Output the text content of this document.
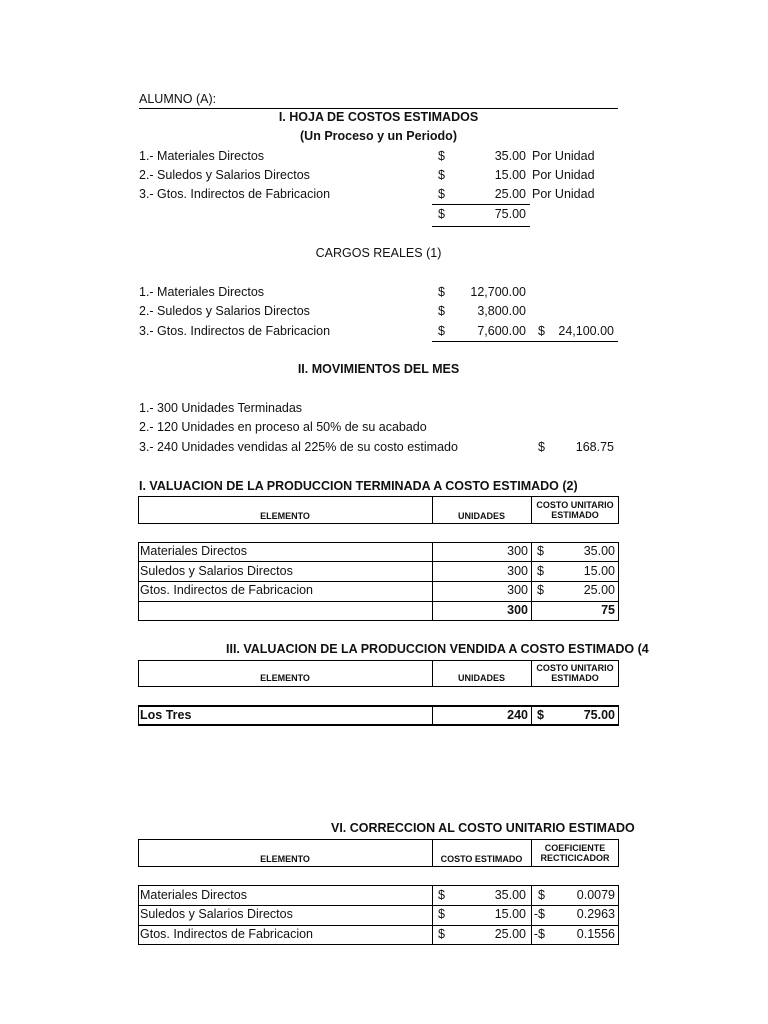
ALUMNO (A):
I. HOJA DE COSTOS ESTIMADOS
(Un Proceso y un Periodo)
1.- Materiales Directos	$	35.00 Por Unidad
2.- Suledos y Salarios Directos	$	15.00 Por Unidad
3.- Gtos. Indirectos de Fabricacion	$	25.00 Por Unidad
$	75.00
CARGOS REALES (1)
1.- Materiales Directos	$	12,700.00
2.- Suledos y Salarios Directos	$	3,800.00
3.- Gtos. Indirectos de Fabricacion	$	7,600.00 $	24,100.00
II. MOVIMIENTOS DEL MES
1.- 300 Unidades Terminadas
2.- 120 Unidades en proceso al 50% de su acabado
3.- 240 Unidades vendidas al 225% de su costo estimado	$	168.75
I. VALUACION DE LA PRODUCCION TERMINADA A COSTO ESTIMADO (2)
ELEMENTO	UNIDADES
COSTO UNITARIO
ESTIMADO
Materiales Directos	300 $	35.00
Suledos y Salarios Directos	300 $	15.00
Gtos. Indirectos de Fabricacion	300 $	25.00
300	75
III. VALUACION DE LA PRODUCCION VENDIDA A COSTO ESTIMADO (4
ELEMENTO	UNIDADES
COSTO UNITARIO
ESTIMADO
Los Tres	240 $	75.00
VI. CORRECCION AL COSTO UNITARIO ESTIMADO
ELEMENTO	COSTO ESTIMADO
COEFICIENTE
RECTICICADOR
Materiales Directos	$	35.00 $	0.0079
Suledos y Salarios Directos	$	15.00 -$	0.2963
Gtos. Indirectos de Fabricacion	$	25.00 -$	0.1556
